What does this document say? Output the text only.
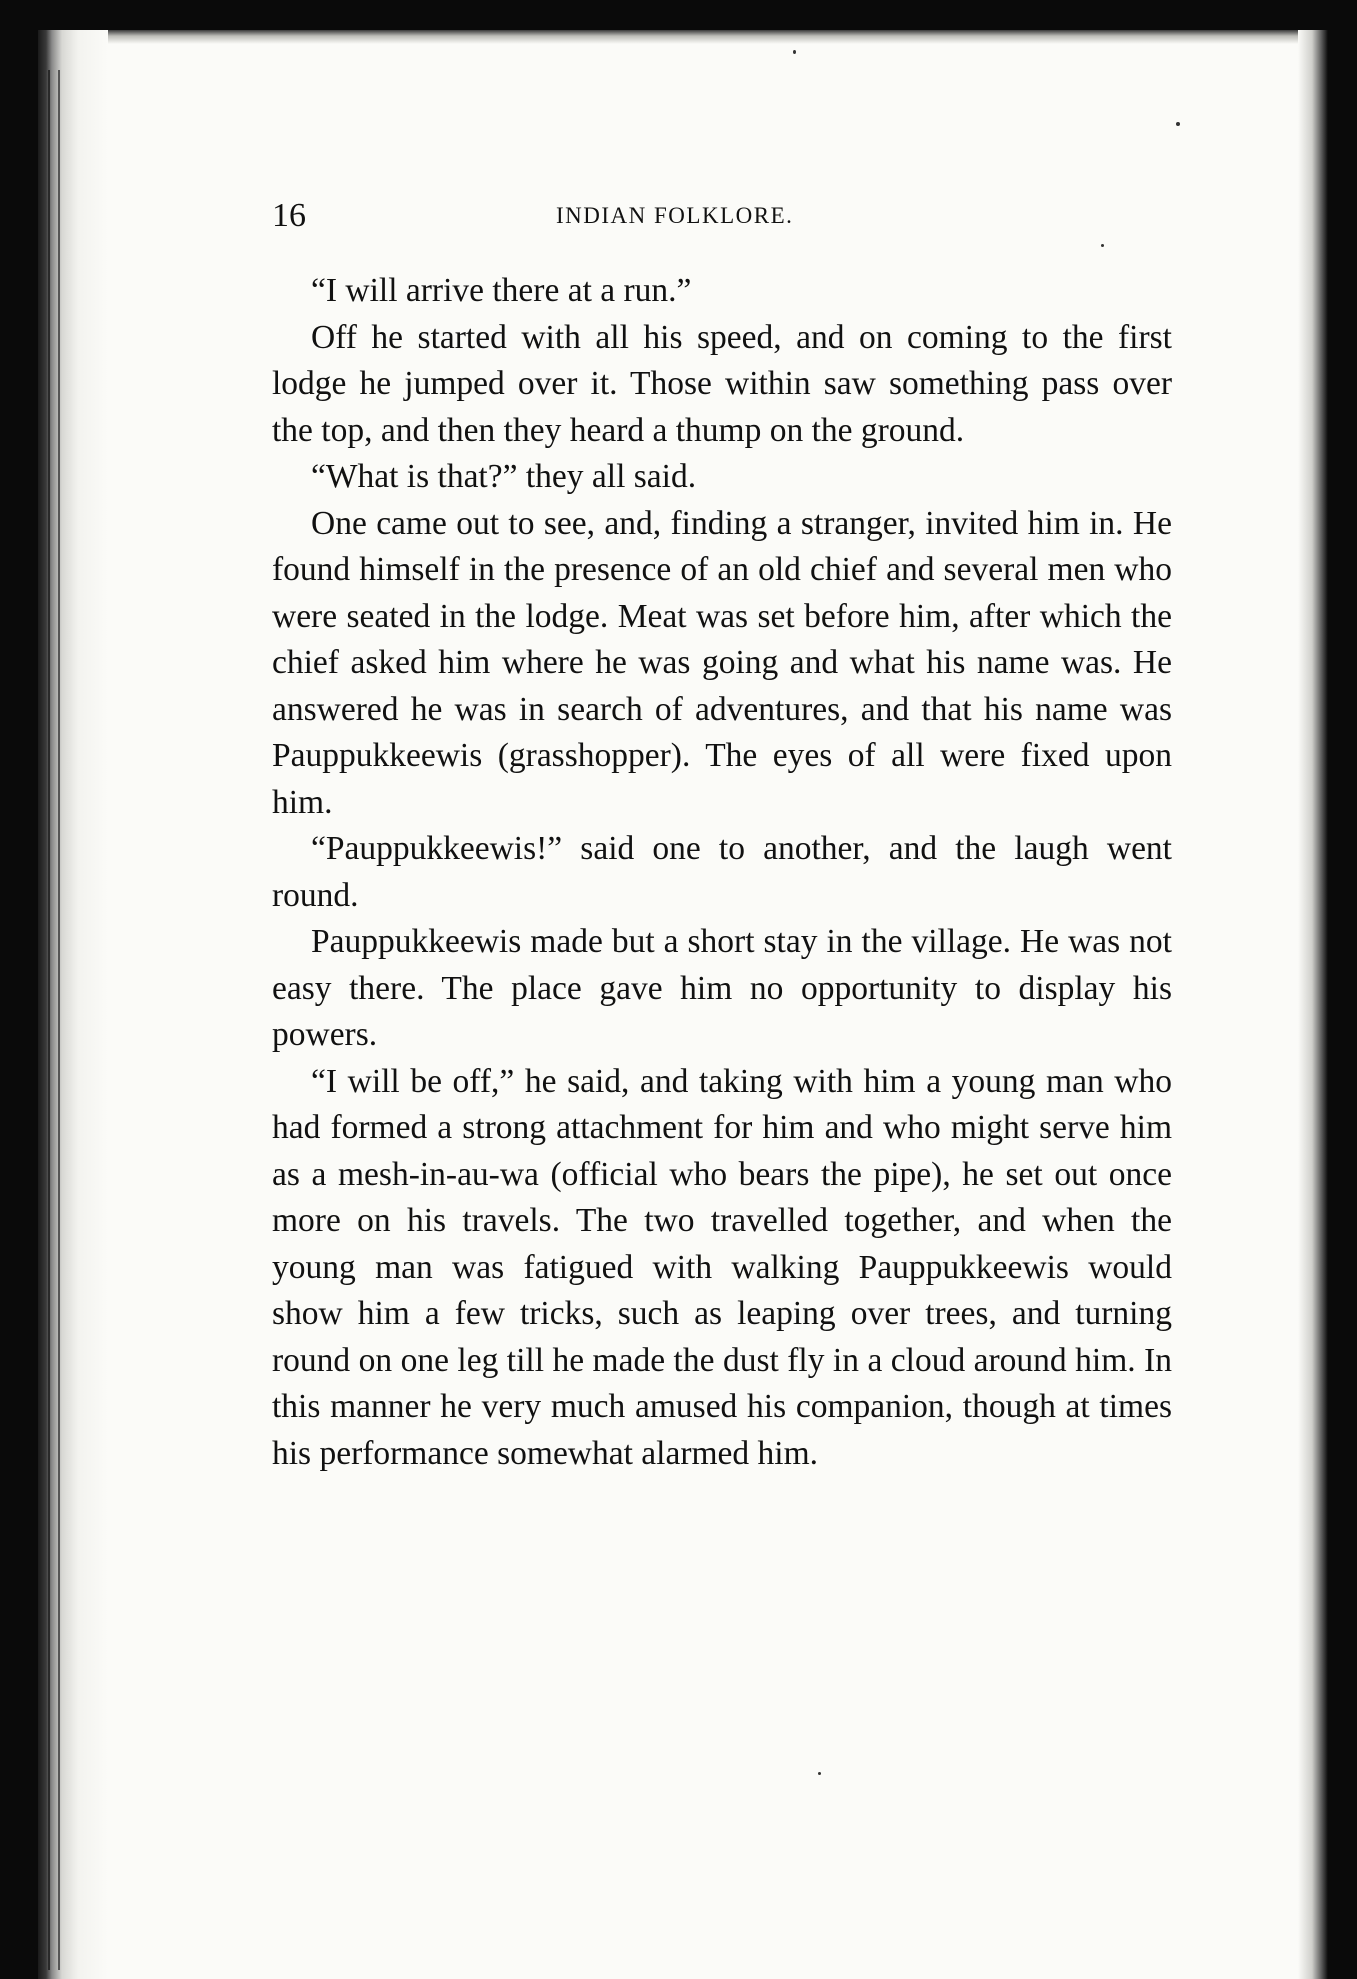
16	INDIAN FOLKLORE.

“I will arrive there at a run.”

Off he started with all his speed, and on coming to the first lodge he jumped over it. Those within saw something pass over the top, and then they heard a thump on the ground.

“What is that?” they all said.

One came out to see, and, finding a stranger, invited him in. He found himself in the presence of an old chief and several men who were seated in the lodge. Meat was set before him, after which the chief asked him where he was going and what his name was. He answered he was in search of adventures, and that his name was Pauppukkeewis (grasshopper). The eyes of all were fixed upon him.

“Pauppukkeewis!” said one to another, and the laugh went round.

Pauppukkeewis made but a short stay in the village. He was not easy there. The place gave him no opportunity to display his powers.

“I will be off,” he said, and taking with him a young man who had formed a strong attachment for him and who might serve him as a mesh-in-au-wa (official who bears the pipe), he set out once more on his travels. The two travelled together, and when the young man was fatigued with walking Pauppukkeewis would show him a few tricks, such as leaping over trees, and turning round on one leg till he made the dust fly in a cloud around him. In this manner he very much amused his companion, though at times his performance somewhat alarmed him.
